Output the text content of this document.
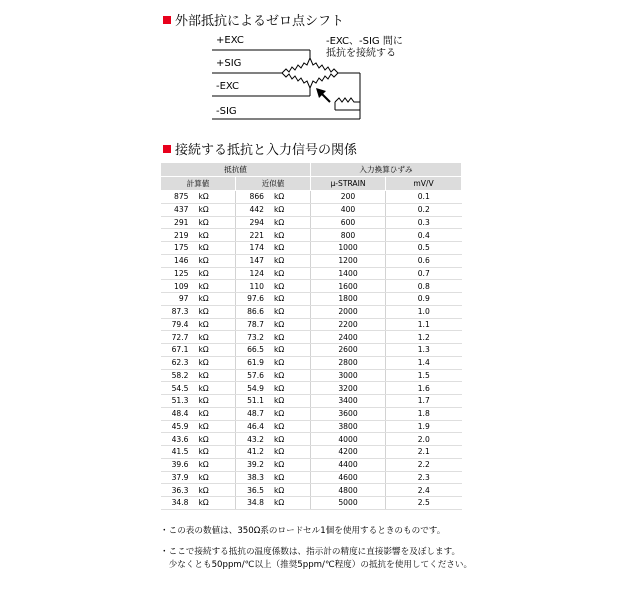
外部抵抗によるゼロ点シフト
+EXC
+SIG
-EXC
-SIG
-EXC、-SIG 間に
抵抗を接続する
接続する抵抗と入力信号の関係
抵抗値		入力換算ひずみ	
計算値	近似値	μ-STRAIN	mV/V
875 kΩ	866 kΩ	200	0.1
437 kΩ	442 kΩ	400	0.2
291 kΩ	294 kΩ	600	0.3
219 kΩ	221 kΩ	800	0.4
175 kΩ	174 kΩ	1000	0.5
146 kΩ	147 kΩ	1200	0.6
125 kΩ	124 kΩ	1400	0.7
109 kΩ	110 kΩ	1600	0.8
97 kΩ	97.6 kΩ	1800	0.9
87.3 kΩ	86.6 kΩ	2000	1.0
79.4 kΩ	78.7 kΩ	2200	1.1
72.7 kΩ	73.2 kΩ	2400	1.2
67.1 kΩ	66.5 kΩ	2600	1.3
62.3 kΩ	61.9 kΩ	2800	1.4
58.2 kΩ	57.6 kΩ	3000	1.5
54.5 kΩ	54.9 kΩ	3200	1.6
51.3 kΩ	51.1 kΩ	3400	1.7
48.4 kΩ	48.7 kΩ	3600	1.8
45.9 kΩ	46.4 kΩ	3800	1.9
43.6 kΩ	43.2 kΩ	4000	2.0
41.5 kΩ	41.2 kΩ	4200	2.1
39.6 kΩ	39.2 kΩ	4400	2.2
37.9 kΩ	38.3 kΩ	4600	2.3
36.3 kΩ	36.5 kΩ	4800	2.4
34.8 kΩ	34.8 kΩ	5000	2.5
・この表の数値は、350Ω系のロードセル1個を使用するときのものです。
・ここで接続する抵抗の温度係数は、指示計の精度に直接影響を及ぼします。
　少なくとも50ppm/℃以上（推奨5ppm/℃程度）の抵抗を使用してください。
